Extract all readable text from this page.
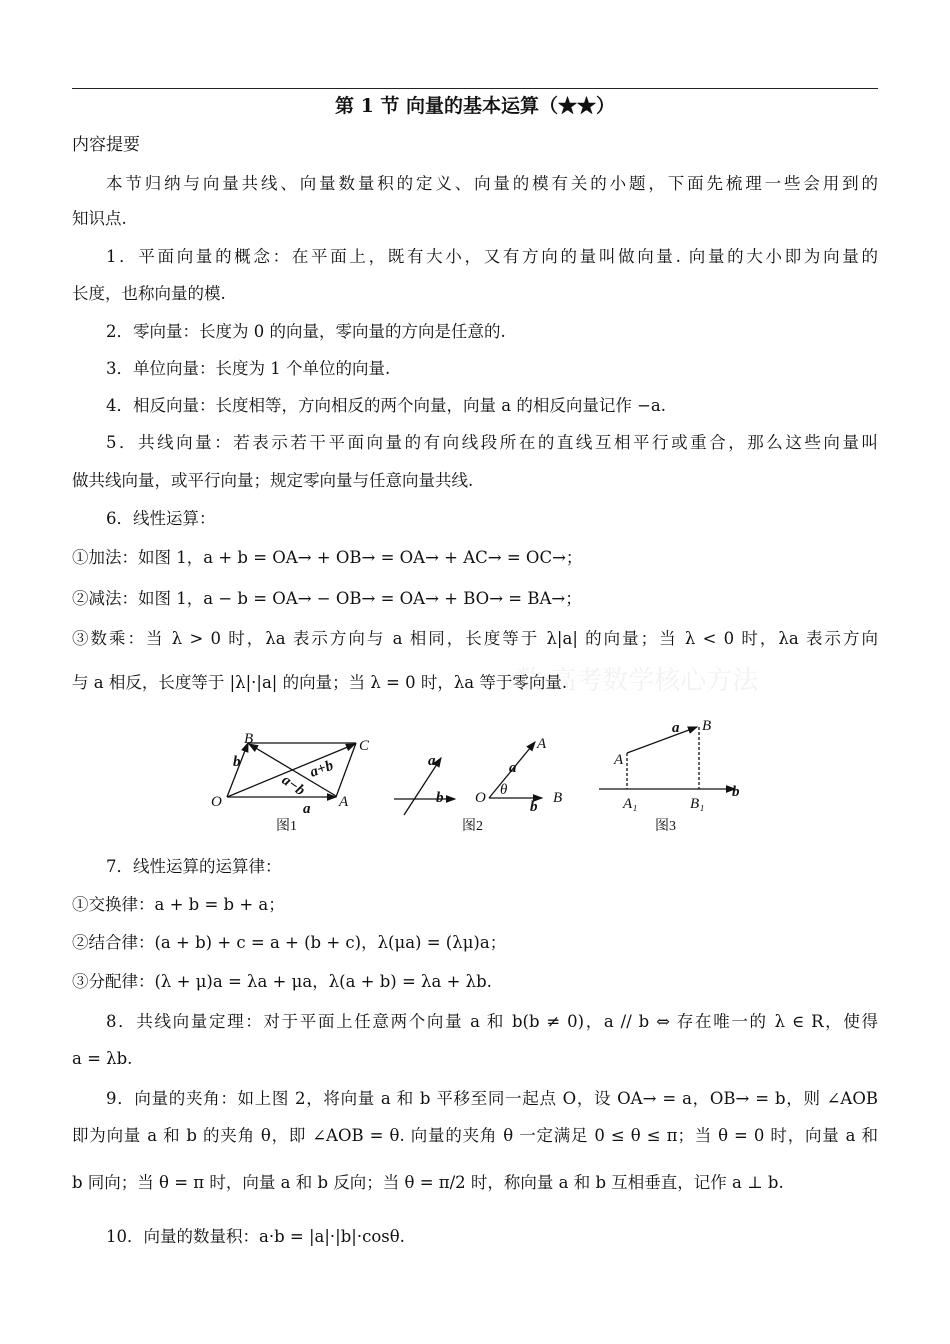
第 1 节 向量的基本运算（★★）
内容提要
一数·高考数学核心方法
本节归纳与向量共线、向量数量积的定义、向量的模有关的小题，下面先梳理一些会用到的
知识点.
1．平面向量的概念：在平面上，既有大小，又有方向的量叫做向量. 向量的大小即为向量的
长度，也称向量的模.
2．零向量：长度为 0 的向量，零向量的方向是任意的.
3．单位向量：长度为 1 个单位的向量.
4．相反向量：长度相等，方向相反的两个向量，向量 a 的相反向量记作 −a.
5．共线向量：若表示若干平面向量的有向线段所在的直线互相平行或重合，那么这些向量叫
做共线向量，或平行向量；规定零向量与任意向量共线.
6．线性运算：
①加法：如图 1，a + b = OA→ + OB→ = OA→ + AC→ = OC→；
②减法：如图 1，a − b = OA→ − OB→ = OA→ + BO→ = BA→；
③数乘：当 λ > 0 时，λa 表示方向与 a 相同，长度等于 λ|a| 的向量；当 λ < 0 时，λa 表示方向
与 a 相反，长度等于 |λ|·|a| 的向量；当 λ = 0 时，λa 等于零向量.
7．线性运算的运算律：
①交换律：a + b = b + a；
②结合律：(a + b) + c = a + (b + c)，λ(μa) = (λμ)a；
③分配律：(λ + μ)a = λa + μa，λ(a + b) = λa + λb.
8．共线向量定理：对于平面上任意两个向量 a 和 b(b ≠ 0)，a // b ⇔ 存在唯一的 λ ∈ R，使得
a = λb.
9．向量的夹角：如上图 2，将向量 a 和 b 平移至同一起点 O，设 OA→ = a，OB→ = b，则 ∠AOB
即为向量 a 和 b 的夹角 θ，即 ∠AOB = θ. 向量的夹角 θ 一定满足 0 ≤ θ ≤ π；当 θ = 0 时，向量 a 和
b 同向；当 θ = π 时，向量 a 和 b 反向；当 θ = π/2 时，称向量 a 和 b 互相垂直，记作 a ⊥ b.
10．向量的数量积：a·b = |a|·|b|·cosθ.
O	A
B	C
a
b	a+b
a−b
图1
a
b O
A
B
θ
a
b
图2
a B
A
A₁	B₁
b
图3
